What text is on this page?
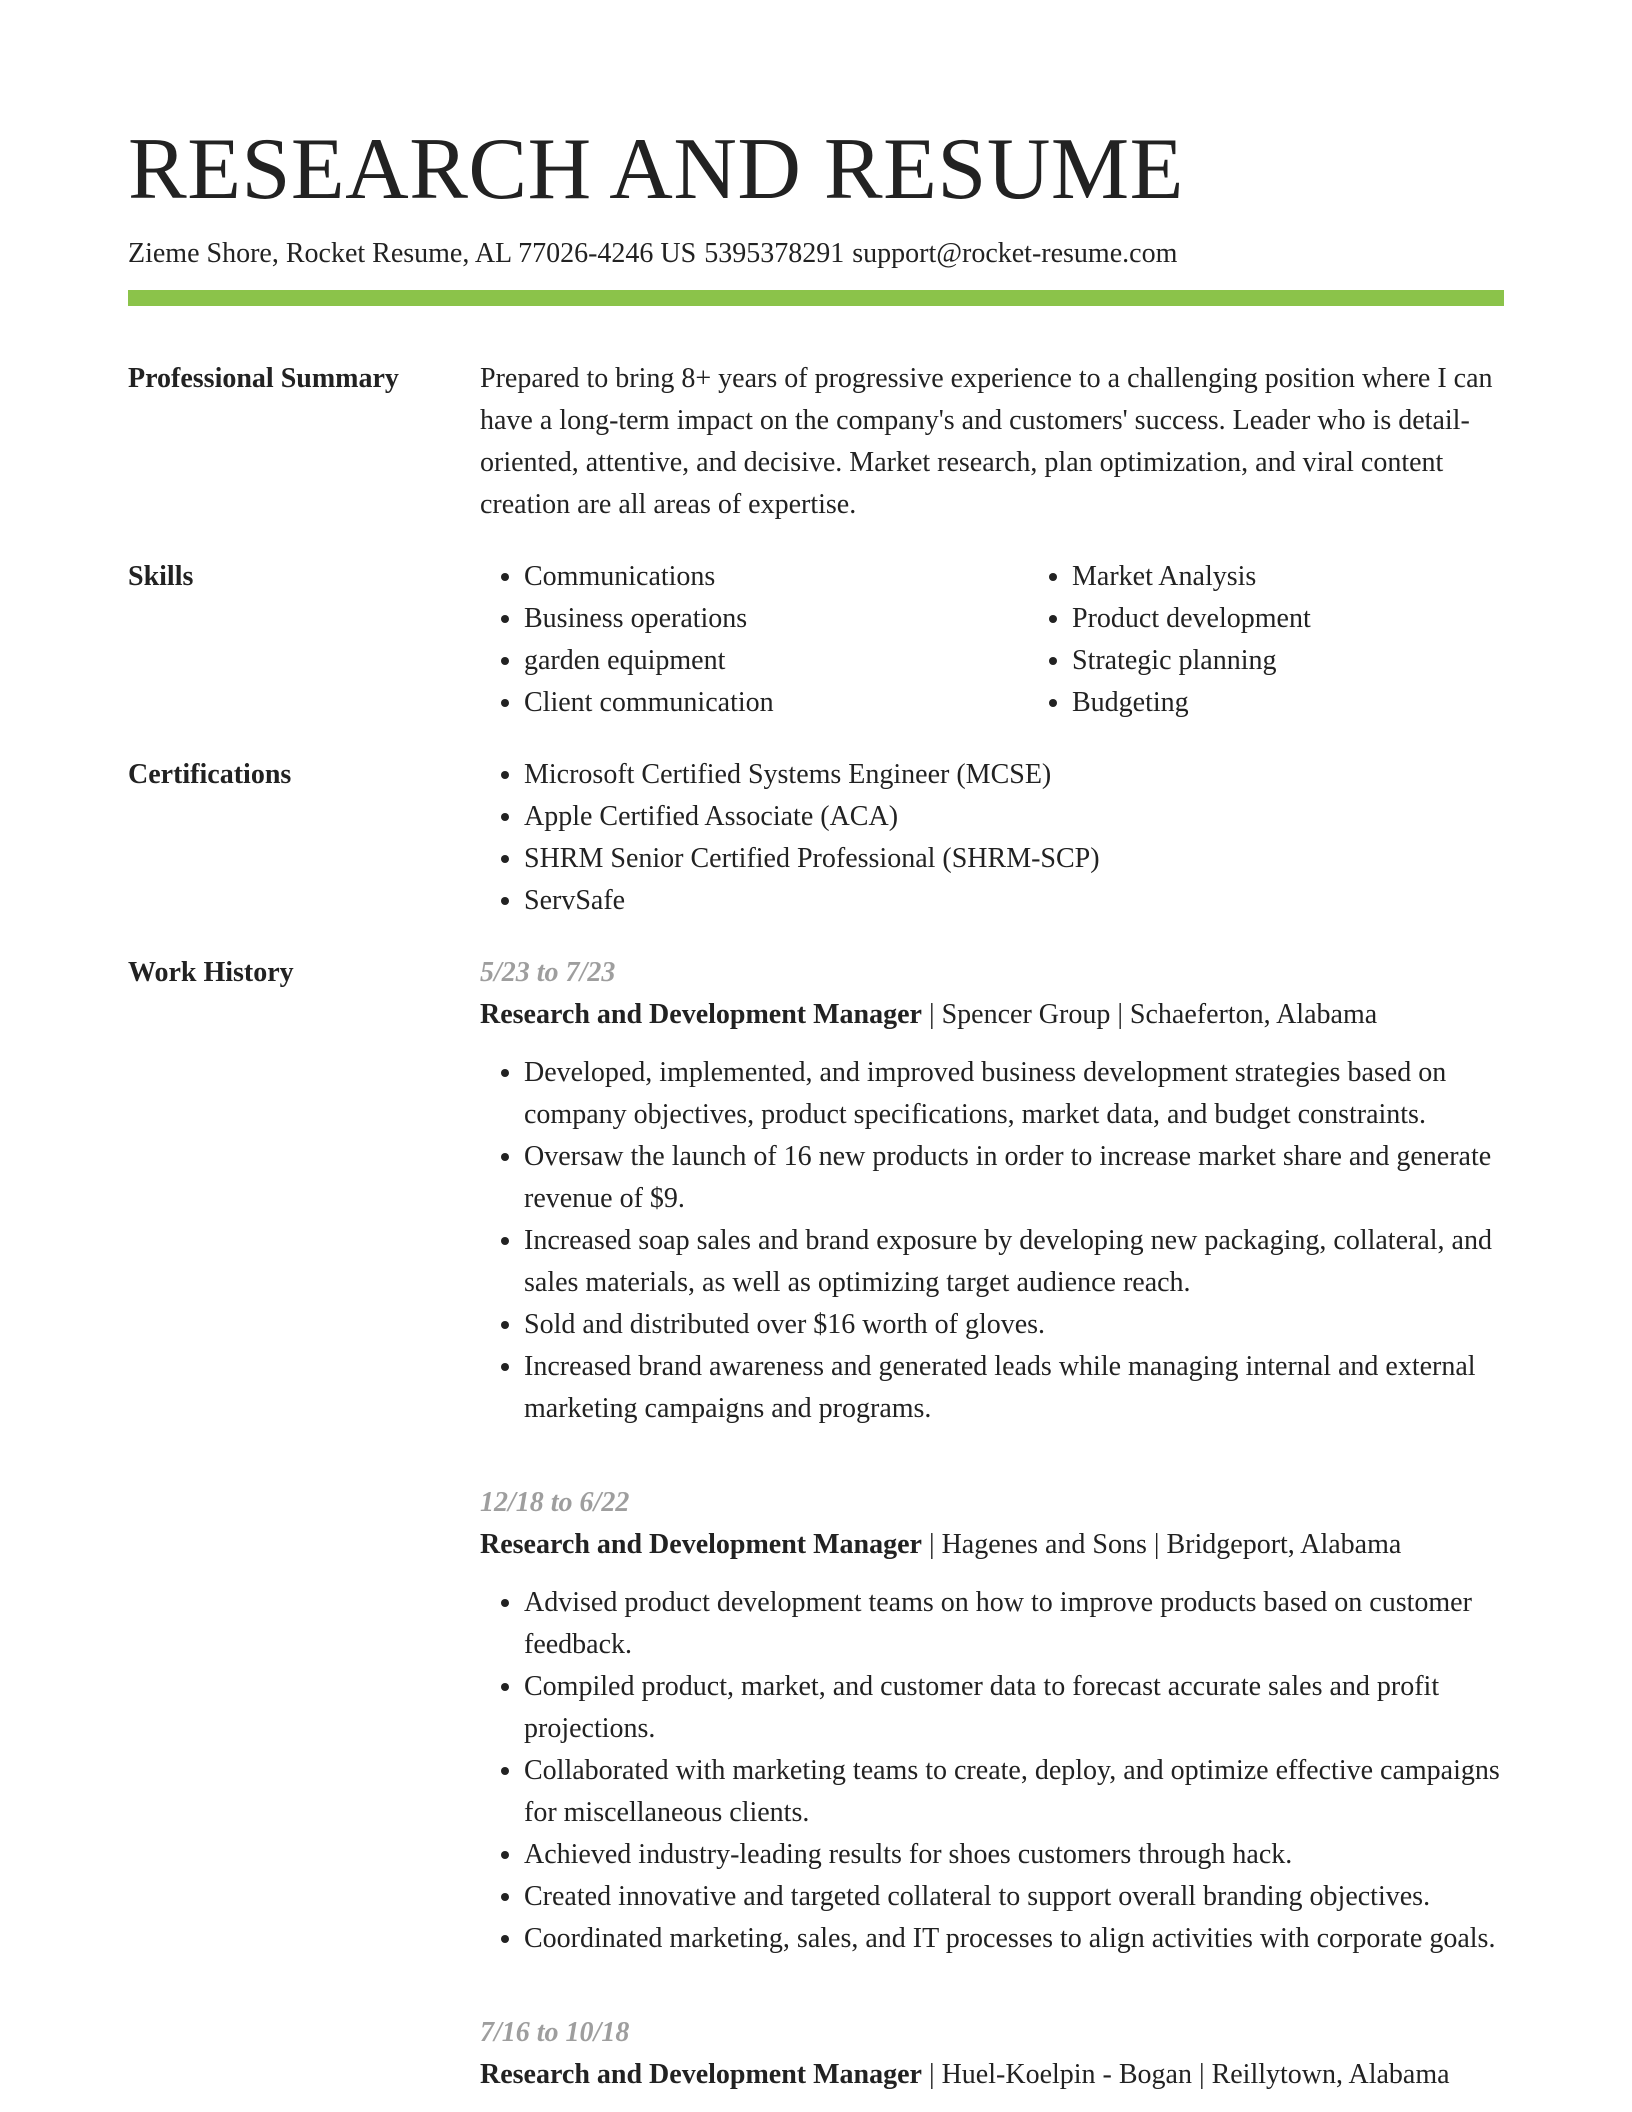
RESEARCH AND RESUME
Zieme Shore, Rocket Resume, AL 77026-4246 US 5395378291 support@rocket-resume.com
Professional Summary	Prepared to bring 8+ years of progressive experience to a challenging position where I can have a long-term impact on the company's and customers' success. Leader who is detail-oriented, attentive, and decisive. Market research, plan optimization, and viral content creation are all areas of expertise.

Skills	• Communications
• Business operations
• garden equipment
• Client communication
• Market Analysis
• Product development
• Strategic planning
• Budgeting
Certifications	• Microsoft Certified Systems Engineer (MCSE)
• Apple Certified Associate (ACA)
• SHRM Senior Certified Professional (SHRM-SCP)
• ServSafe
Work History	5/23 to 7/23
Research and Development Manager | Spencer Group | Schaeferton, Alabama
• Developed, implemented, and improved business development strategies based on company objectives, product specifications, market data, and budget constraints.
• Oversaw the launch of 16 new products in order to increase market share and generate revenue of $9.
• Increased soap sales and brand exposure by developing new packaging, collateral, and sales materials, as well as optimizing target audience reach.
• Sold and distributed over $16 worth of gloves.
• Increased brand awareness and generated leads while managing internal and external marketing campaigns and programs.
12/18 to 6/22
Research and Development Manager | Hagenes and Sons | Bridgeport, Alabama
• Advised product development teams on how to improve products based on customer feedback.
• Compiled product, market, and customer data to forecast accurate sales and profit projections.
• Collaborated with marketing teams to create, deploy, and optimize effective campaigns for miscellaneous clients.
• Achieved industry-leading results for shoes customers through hack.
• Created innovative and targeted collateral to support overall branding objectives.
• Coordinated marketing, sales, and IT processes to align activities with corporate goals.
7/16 to 10/18
Research and Development Manager | Huel-Koelpin - Bogan | Reillytown, Alabama
